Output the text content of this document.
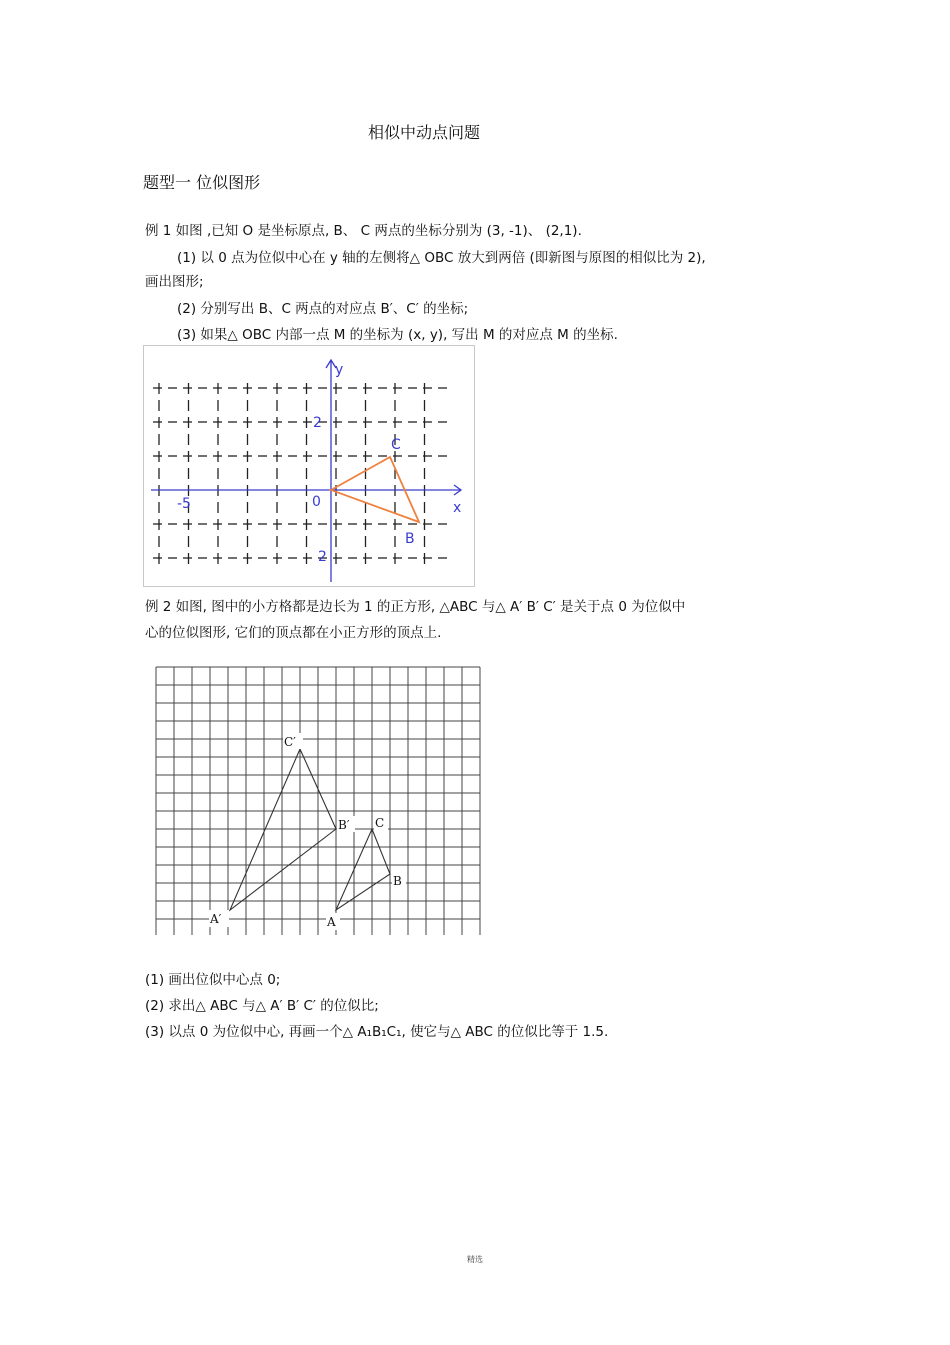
相似中动点问题
题型一 位似图形
例 1 如图 ,已知 O 是坐标原点, B、 C 两点的坐标分别为 (3, -1)、 (2,1).
(1) 以 0 点为位似中心在 y 轴的左侧将△ OBC 放大到两倍 (即新图与原图的相似比为 2),
画出图形;
(2) 分别写出 B、C 两点的对应点 B′、C′ 的坐标;
(3) 如果△ OBC 内部一点 M 的坐标为 (x, y), 写出 M 的对应点 M 的坐标.
y
x
2
-5	0
2
C
B
例 2 如图, 图中的小方格都是边长为 1 的正方形, △ABC 与△ A′ B′ C′ 是关于点 0 为位似中
心的位似图形, 它们的顶点都在小正方形的顶点上.
C′
B′
A′
C
B
A
(1) 画出位似中心点 0;
(2) 求出△ ABC 与△ A′ B′ C′ 的位似比;
(3) 以点 0 为位似中心, 再画一个△ A₁B₁C₁, 使它与△ ABC 的位似比等于 1.5.
精选
